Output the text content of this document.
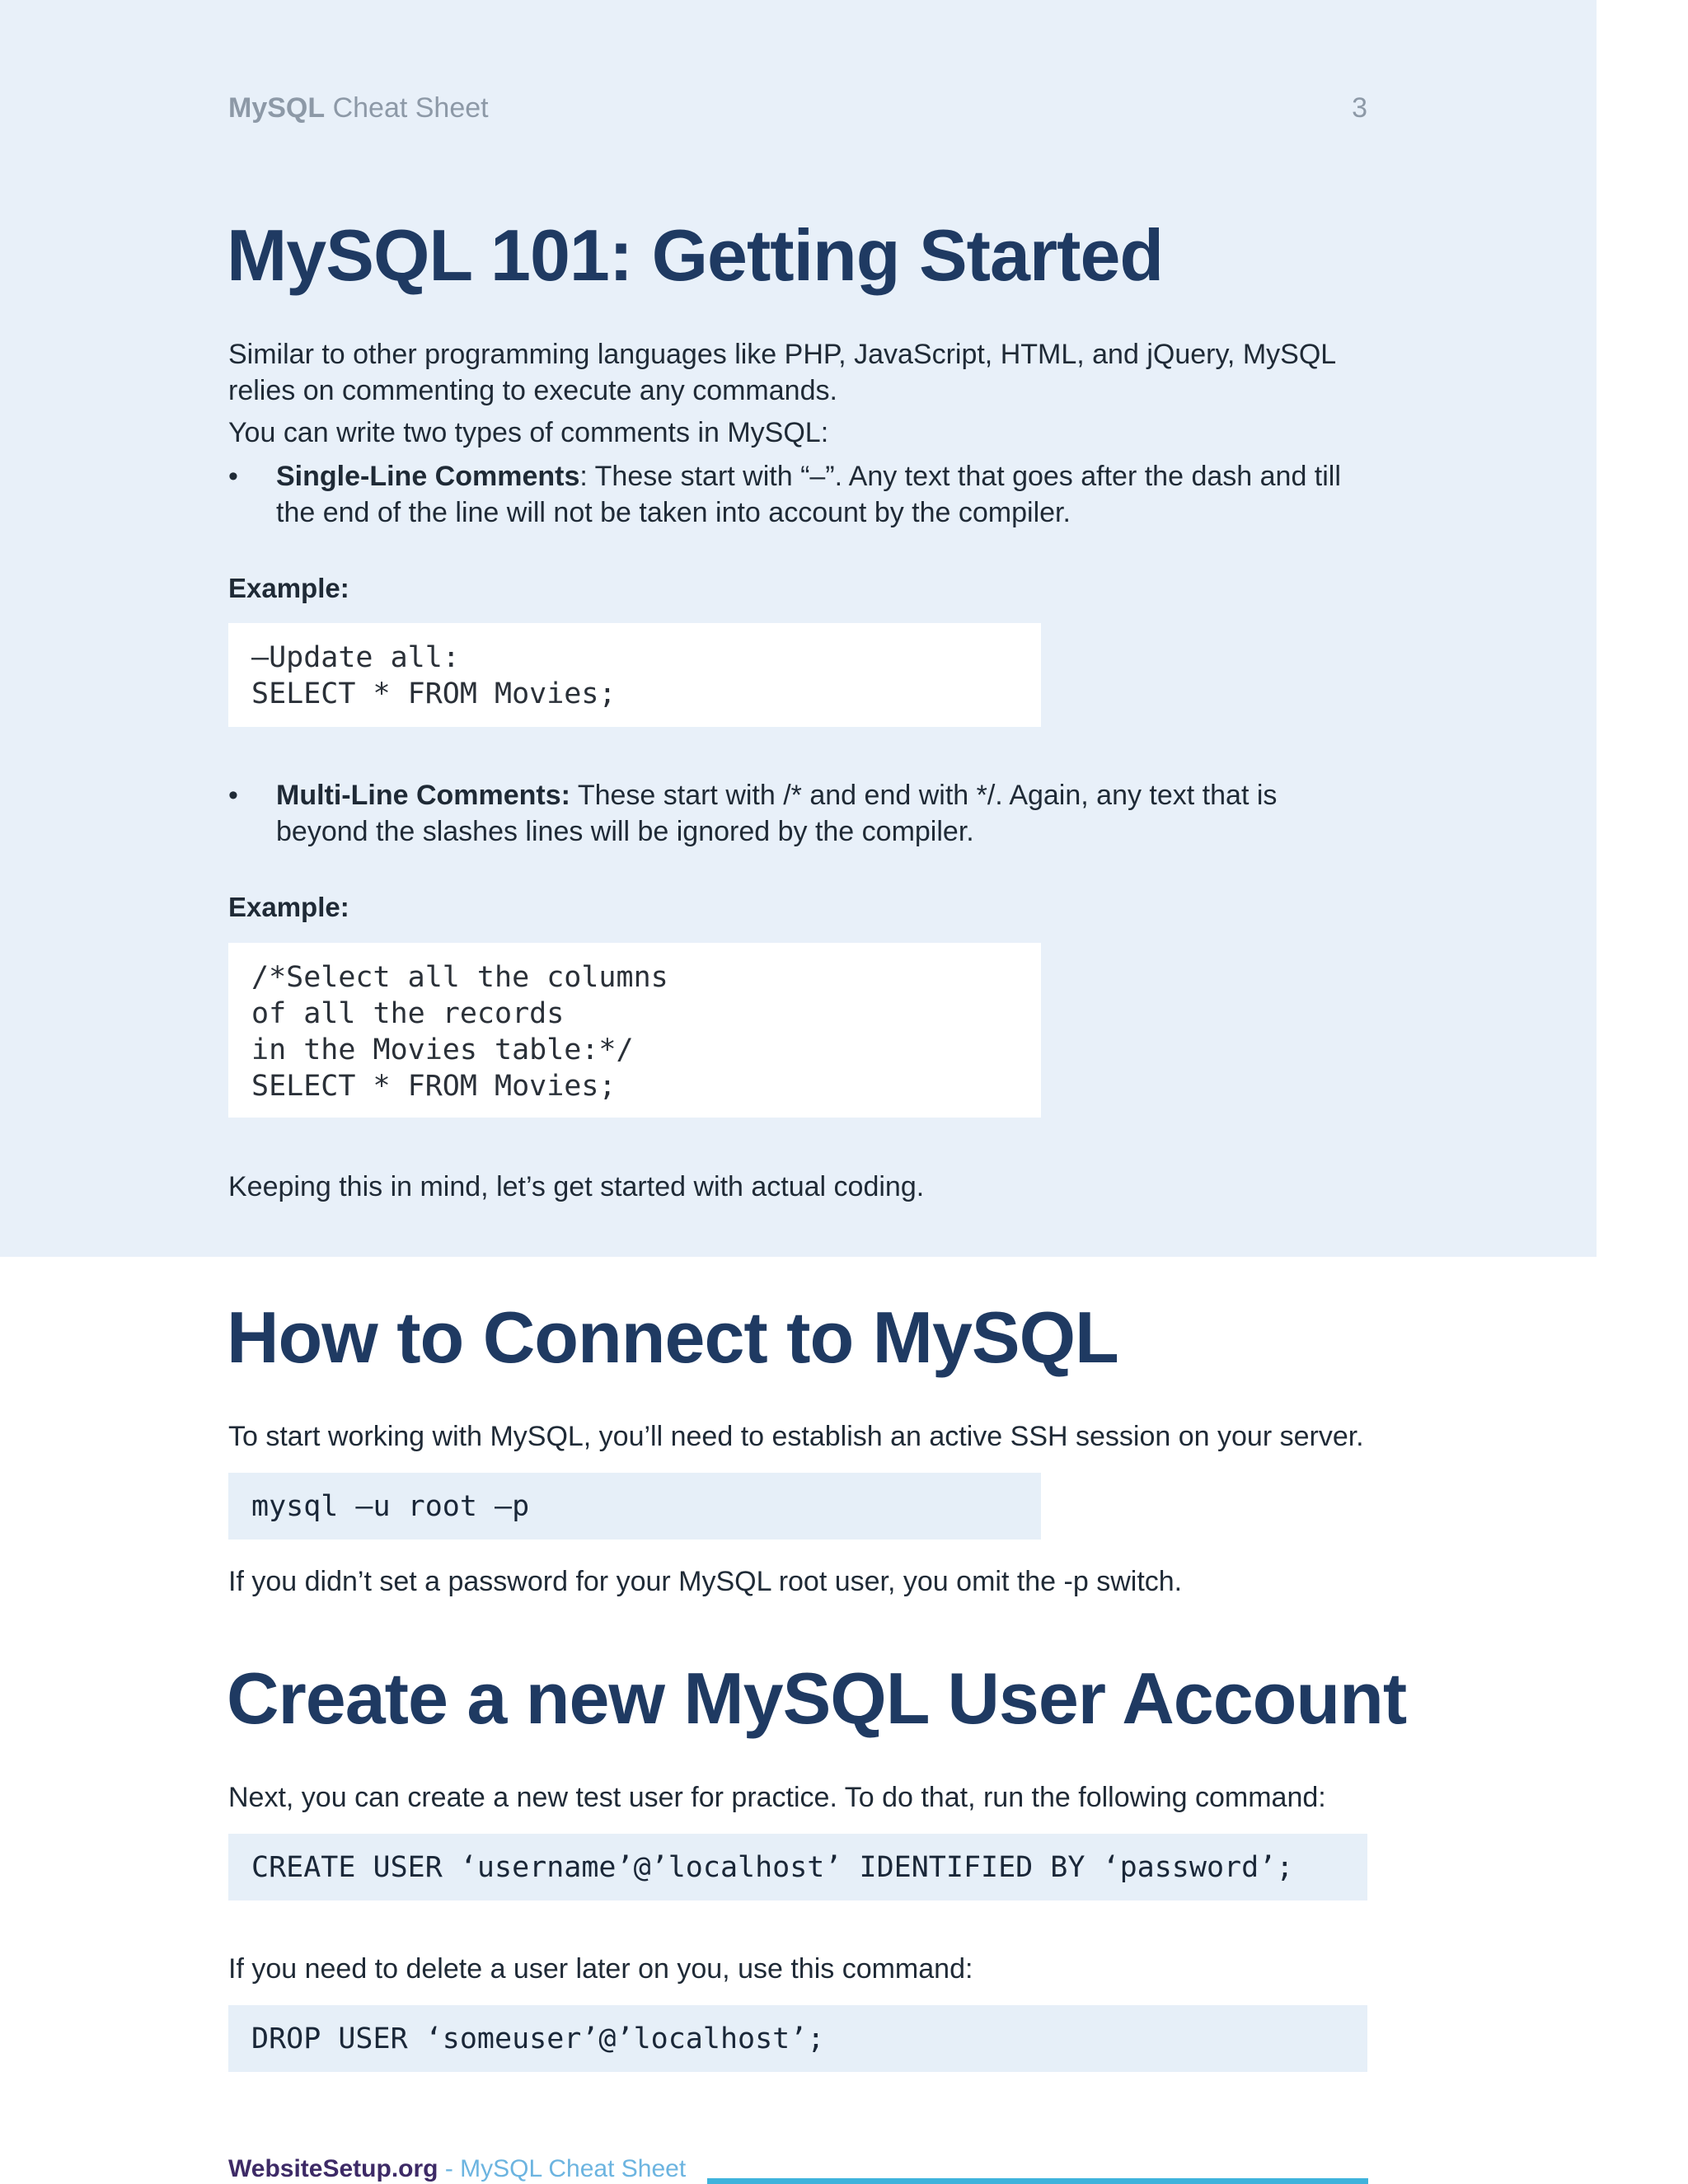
MySQL Cheat Sheet	3
MySQL 101: Getting Started

Similar to other programming languages like PHP, JavaScript, HTML, and jQuery, MySQL relies on commenting to execute any commands.

You can write two types of comments in MySQL:

• Single-Line Comments: These start with “–”. Any text that goes after the dash and till the end of the line will not be taken into account by the compiler.

Example:
–Update all:
SELECT * FROM Movies;
• Multi-Line Comments: These start with /* and end with */. Again, any text that is beyond the slashes lines will be ignored by the compiler.

Example:
/*Select all the columns
of all the records
in the Movies table:*/
SELECT * FROM Movies;

Keeping this in mind, let’s get started with actual coding.

How to Connect to MySQL

To start working with MySQL, you’ll need to establish an active SSH session on your server.

mysql –u root –p

If you didn’t set a password for your MySQL root user, you omit the -p switch.

Create a new MySQL User Account

Next, you can create a new test user for practice. To do that, run the following command:

CREATE USER ‘username’@’localhost’ IDENTIFIED BY ‘password’;

If you need to delete a user later on you, use this command:

DROP USER ‘someuser’@’localhost’;
WebsiteSetup.org - MySQL Cheat Sheet
